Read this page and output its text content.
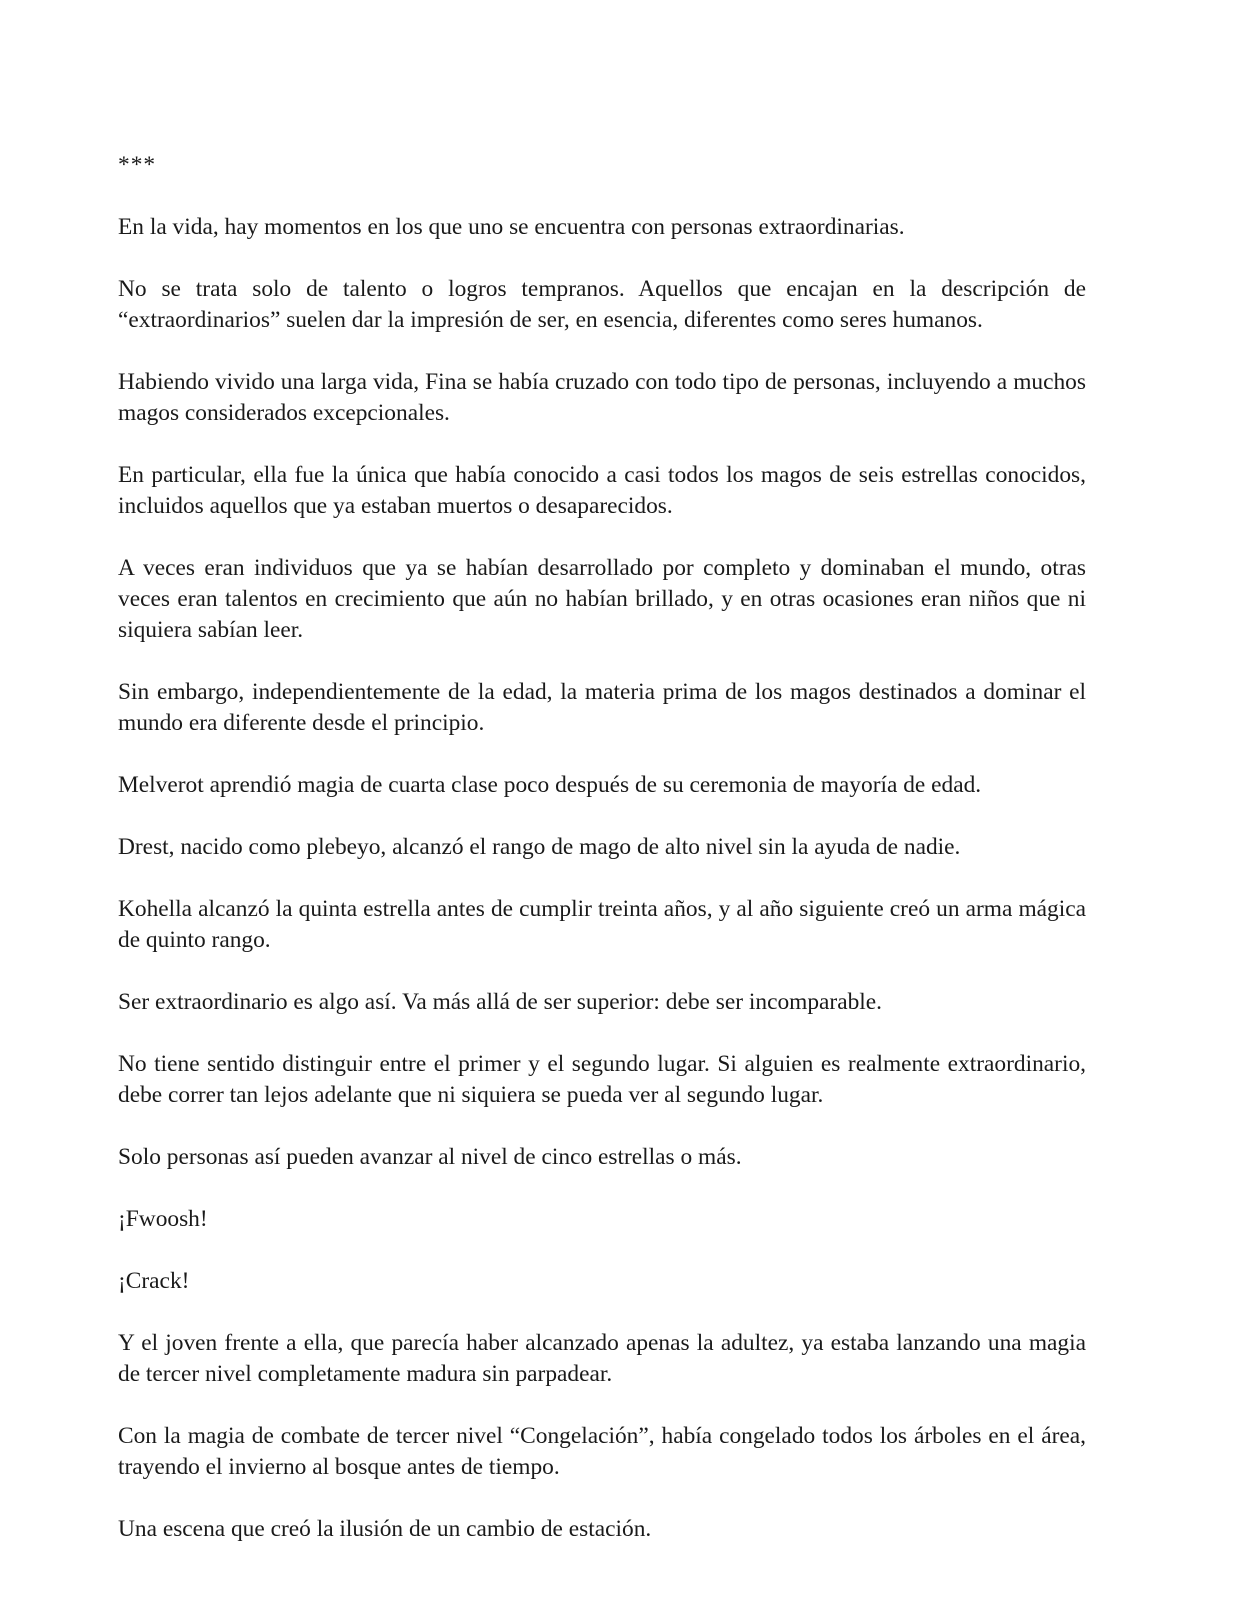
***

En la vida, hay momentos en los que uno se encuentra con personas extraordinarias.

No se trata solo de talento o logros tempranos. Aquellos que encajan en la descripción de “extraordinarios” suelen dar la impresión de ser, en esencia, diferentes como seres humanos.

Habiendo vivido una larga vida, Fina se había cruzado con todo tipo de personas, incluyendo a muchos magos considerados excepcionales.

En particular, ella fue la única que había conocido a casi todos los magos de seis estrellas conocidos, incluidos aquellos que ya estaban muertos o desaparecidos.

A veces eran individuos que ya se habían desarrollado por completo y dominaban el mundo, otras veces eran talentos en crecimiento que aún no habían brillado, y en otras ocasiones eran niños que ni siquiera sabían leer.

Sin embargo, independientemente de la edad, la materia prima de los magos destinados a dominar el mundo era diferente desde el principio.

Melverot aprendió magia de cuarta clase poco después de su ceremonia de mayoría de edad.

Drest, nacido como plebeyo, alcanzó el rango de mago de alto nivel sin la ayuda de nadie.

Kohella alcanzó la quinta estrella antes de cumplir treinta años, y al año siguiente creó un arma mágica de quinto rango.

Ser extraordinario es algo así. Va más allá de ser superior: debe ser incomparable.

No tiene sentido distinguir entre el primer y el segundo lugar. Si alguien es realmente extraordinario, debe correr tan lejos adelante que ni siquiera se pueda ver al segundo lugar.

Solo personas así pueden avanzar al nivel de cinco estrellas o más.

¡Fwoosh!

¡Crack!

Y el joven frente a ella, que parecía haber alcanzado apenas la adultez, ya estaba lanzando una magia de tercer nivel completamente madura sin parpadear.

Con la magia de combate de tercer nivel “Congelación”, había congelado todos los árboles en el área, trayendo el invierno al bosque antes de tiempo.

Una escena que creó la ilusión de un cambio de estación.
